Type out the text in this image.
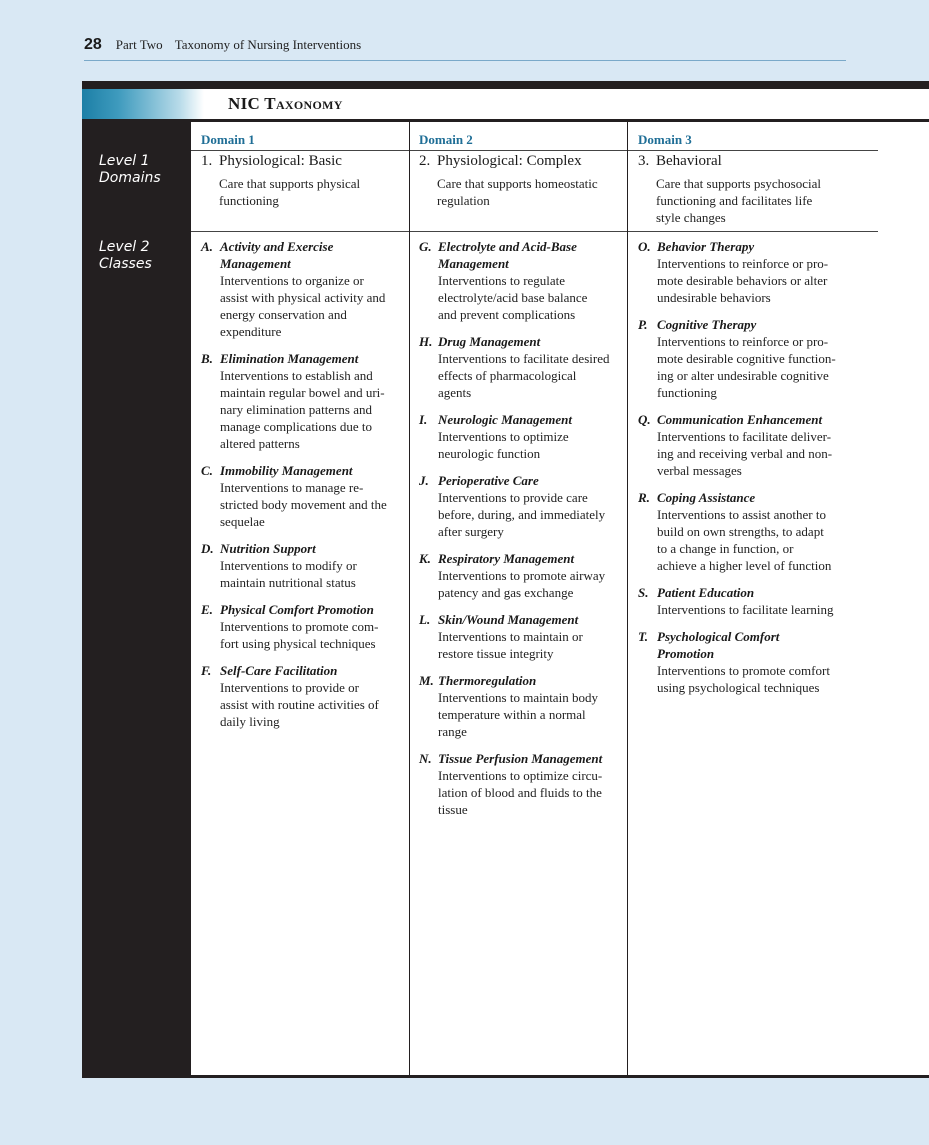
28 Part Two Taxonomy of Nursing Interventions
NIC Taxonomy
Level 1
Domains
Level 2
Classes
Domain 1
1. Physiological: Basic
Care that supports physical
functioning
A. Activity and Exercise
Management
Interventions to organize or
assist with physical activity and
energy conservation and
expenditure
B. Elimination Management
Interventions to establish and
maintain regular bowel and uri-
nary elimination patterns and
manage complications due to
altered patterns
C. Immobility Management
Interventions to manage re-
stricted body movement and the
sequelae
D. Nutrition Support
Interventions to modify or
maintain nutritional status
E. Physical Comfort Promotion
Interventions to promote com-
fort using physical techniques
F. Self-Care Facilitation
Interventions to provide or
assist with routine activities of
daily living
Domain 2
2. Physiological: Complex
Care that supports homeostatic
regulation
G. Electrolyte and Acid-Base
Management
Interventions to regulate
electrolyte/acid base balance
and prevent complications
H. Drug Management
Interventions to facilitate desired
effects of pharmacological
agents
I. Neurologic Management
Interventions to optimize
neurologic function
J. Perioperative Care
Interventions to provide care
before, during, and immediately
after surgery
K. Respiratory Management
Interventions to promote airway
patency and gas exchange
L. Skin/Wound Management
Interventions to maintain or
restore tissue integrity
M. Thermoregulation
Interventions to maintain body
temperature within a normal
range
N. Tissue Perfusion Management
Interventions to optimize circu-
lation of blood and fluids to the
tissue
Domain 3
3. Behavioral
Care that supports psychosocial
functioning and facilitates life
style changes
O. Behavior Therapy
Interventions to reinforce or pro-
mote desirable behaviors or alter
undesirable behaviors
P. Cognitive Therapy
Interventions to reinforce or pro-
mote desirable cognitive function-
ing or alter undesirable cognitive
functioning
Q. Communication Enhancement
Interventions to facilitate deliver-
ing and receiving verbal and non-
verbal messages
R. Coping Assistance
Interventions to assist another to
build on own strengths, to adapt
to a change in function, or
achieve a higher level of function
S. Patient Education
Interventions to facilitate learning
T. Psychological Comfort
Promotion
Interventions to promote comfort
using psychological techniques
